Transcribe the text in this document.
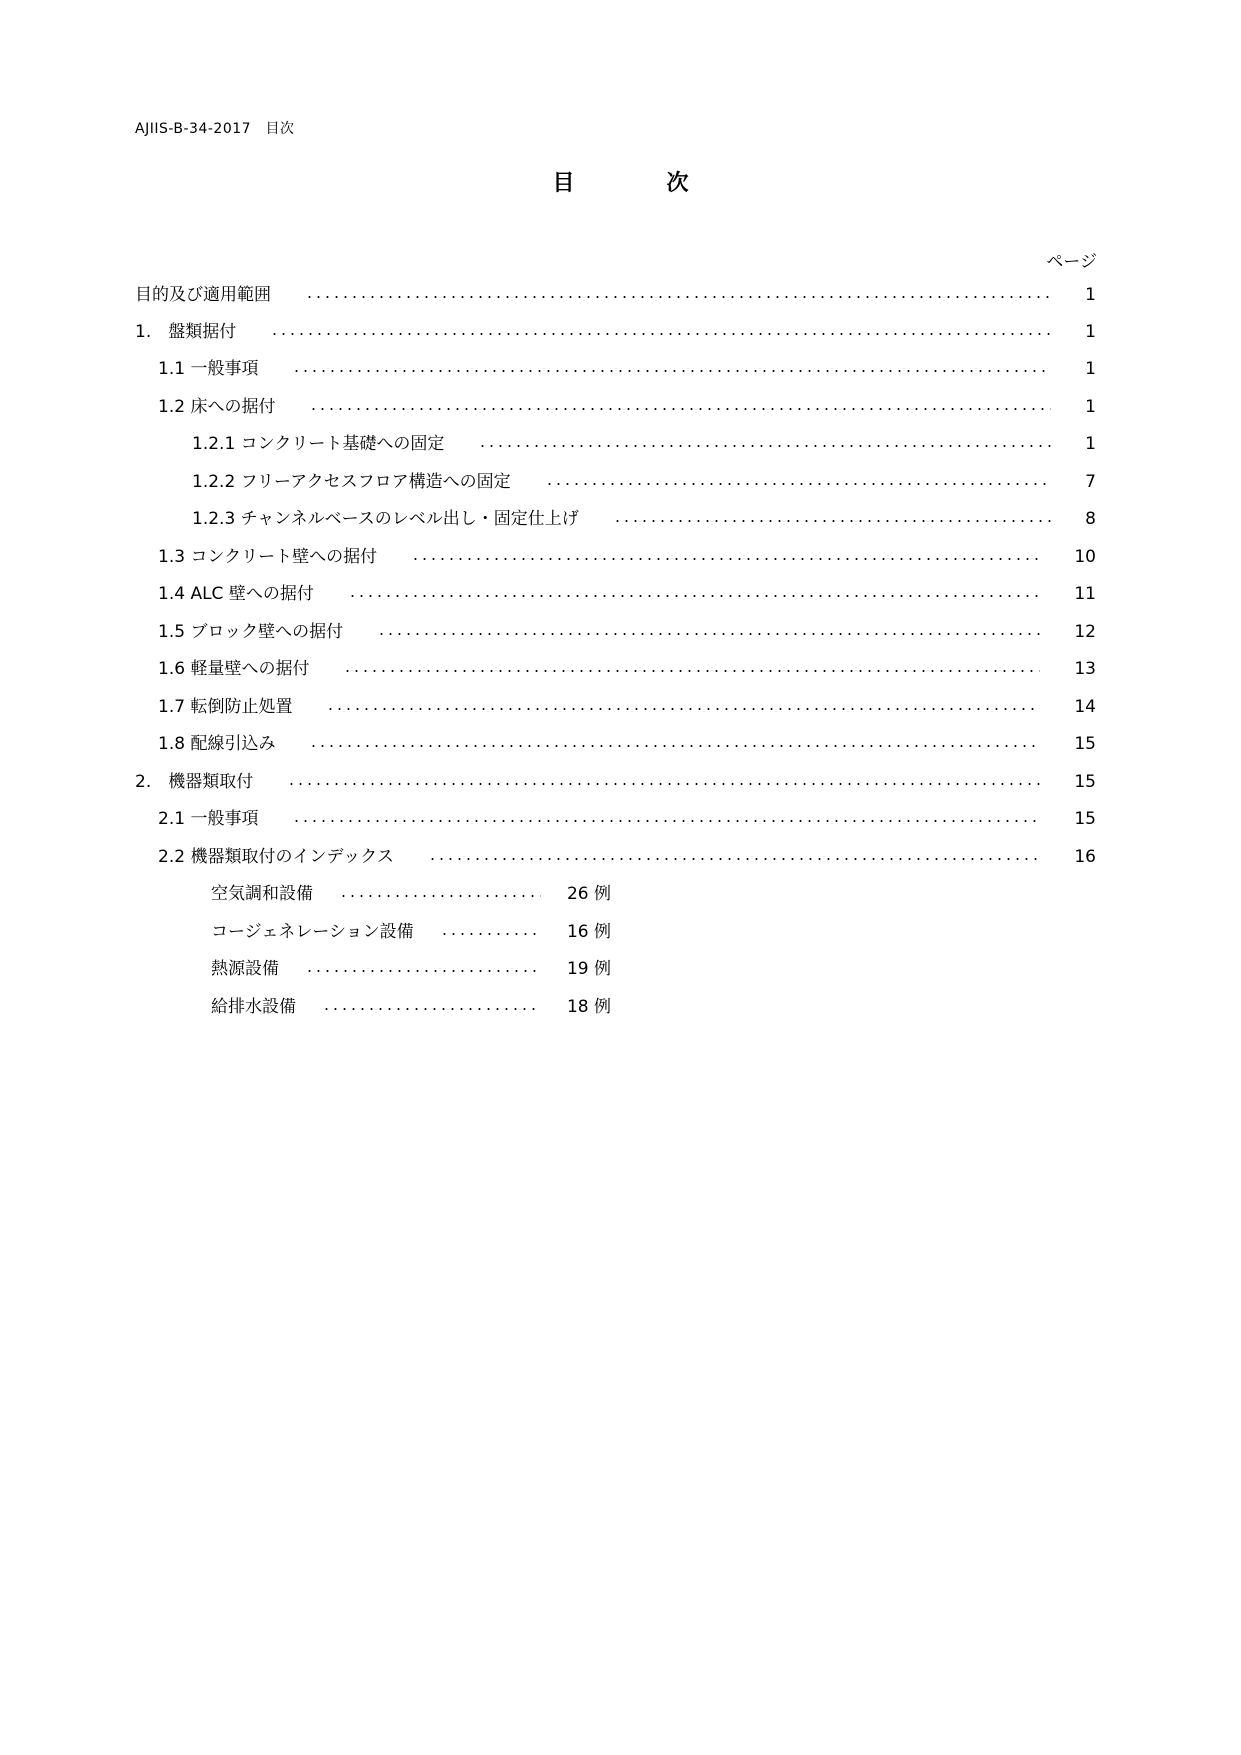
AJIIS-B-34-2017　目次
目	次
ページ
目的及び適用範囲	1
1.　盤類据付	1
1.1 一般事項	1
1.2 床への据付	1
1.2.1 コンクリート基礎への固定	1
1.2.2 フリーアクセスフロア構造への固定	7
1.2.3 チャンネルベースのレベル出し・固定仕上げ	8
1.3 コンクリート壁への据付	10
1.4 ALC 壁への据付	11
1.5 ブロック壁への据付	12
1.6 軽量壁への据付	13
1.7 転倒防止処置	14
1.8 配線引込み	15
2.　機器類取付	15
2.1 一般事項	15
2.2 機器類取付のインデックス	16
空気調和設備	26 例
コージェネレーション設備	16 例
熱源設備	19 例
給排水設備	18 例
